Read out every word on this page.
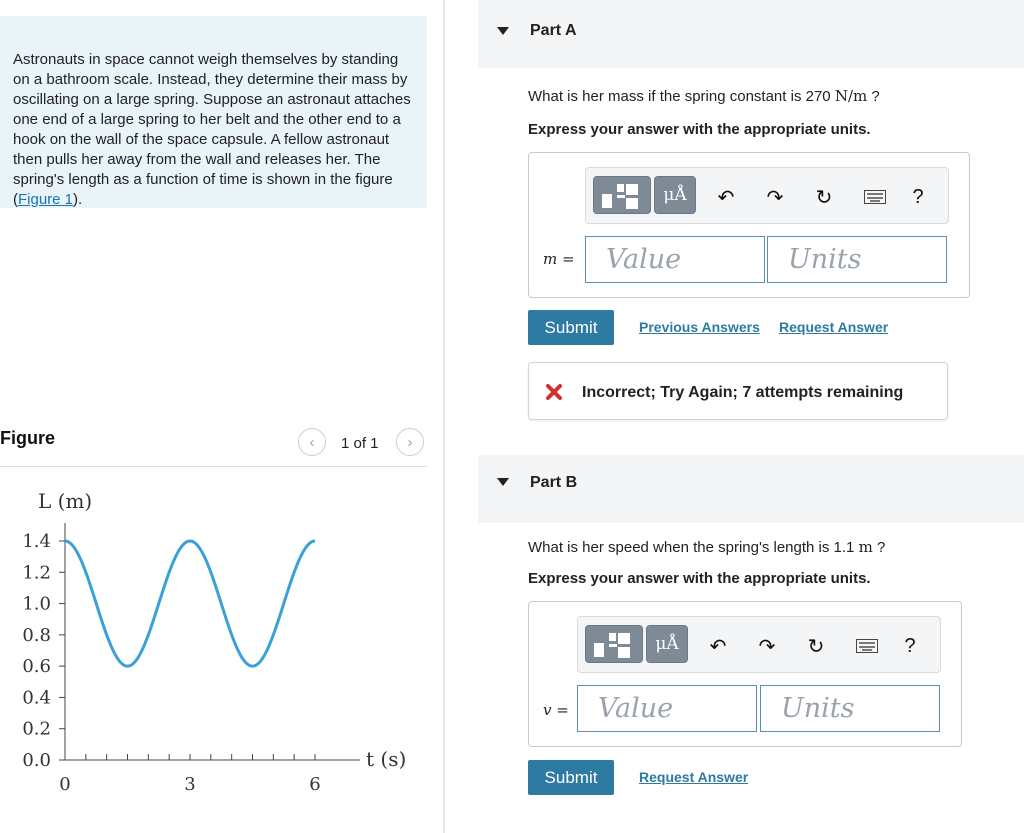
Astronauts in space cannot weigh themselves by standing on a bathroom scale. Instead, they determine their mass by oscillating on a large spring. Suppose an astronaut attaches one end of a large spring to her belt and the other end to a hook on the wall of the space capsule. A fellow astronaut then pulls her away from the wall and releases her. The spring's length as a function of time is shown in the figure (Figure 1).
Figure	‹ 1 of 1 ›
L (m)
t (s)
0.0
0.2
0.4
0.6
0.8
1.0
1.2
1.4
0	3	6
Part A
What is her mass if the spring constant is 270 N/m ?
Express your answer with the appropriate units.
μÅ ↶ ↷ ↻	?
m =	Value	Units
Submit	Previous Answers Request Answer
Incorrect; Try Again; 7 attempts remaining
Part B
What is her speed when the spring's length is 1.1 m ?
Express your answer with the appropriate units.
μÅ ↶ ↷ ↻	?
v =	Value	Units
Submit	Request Answer
